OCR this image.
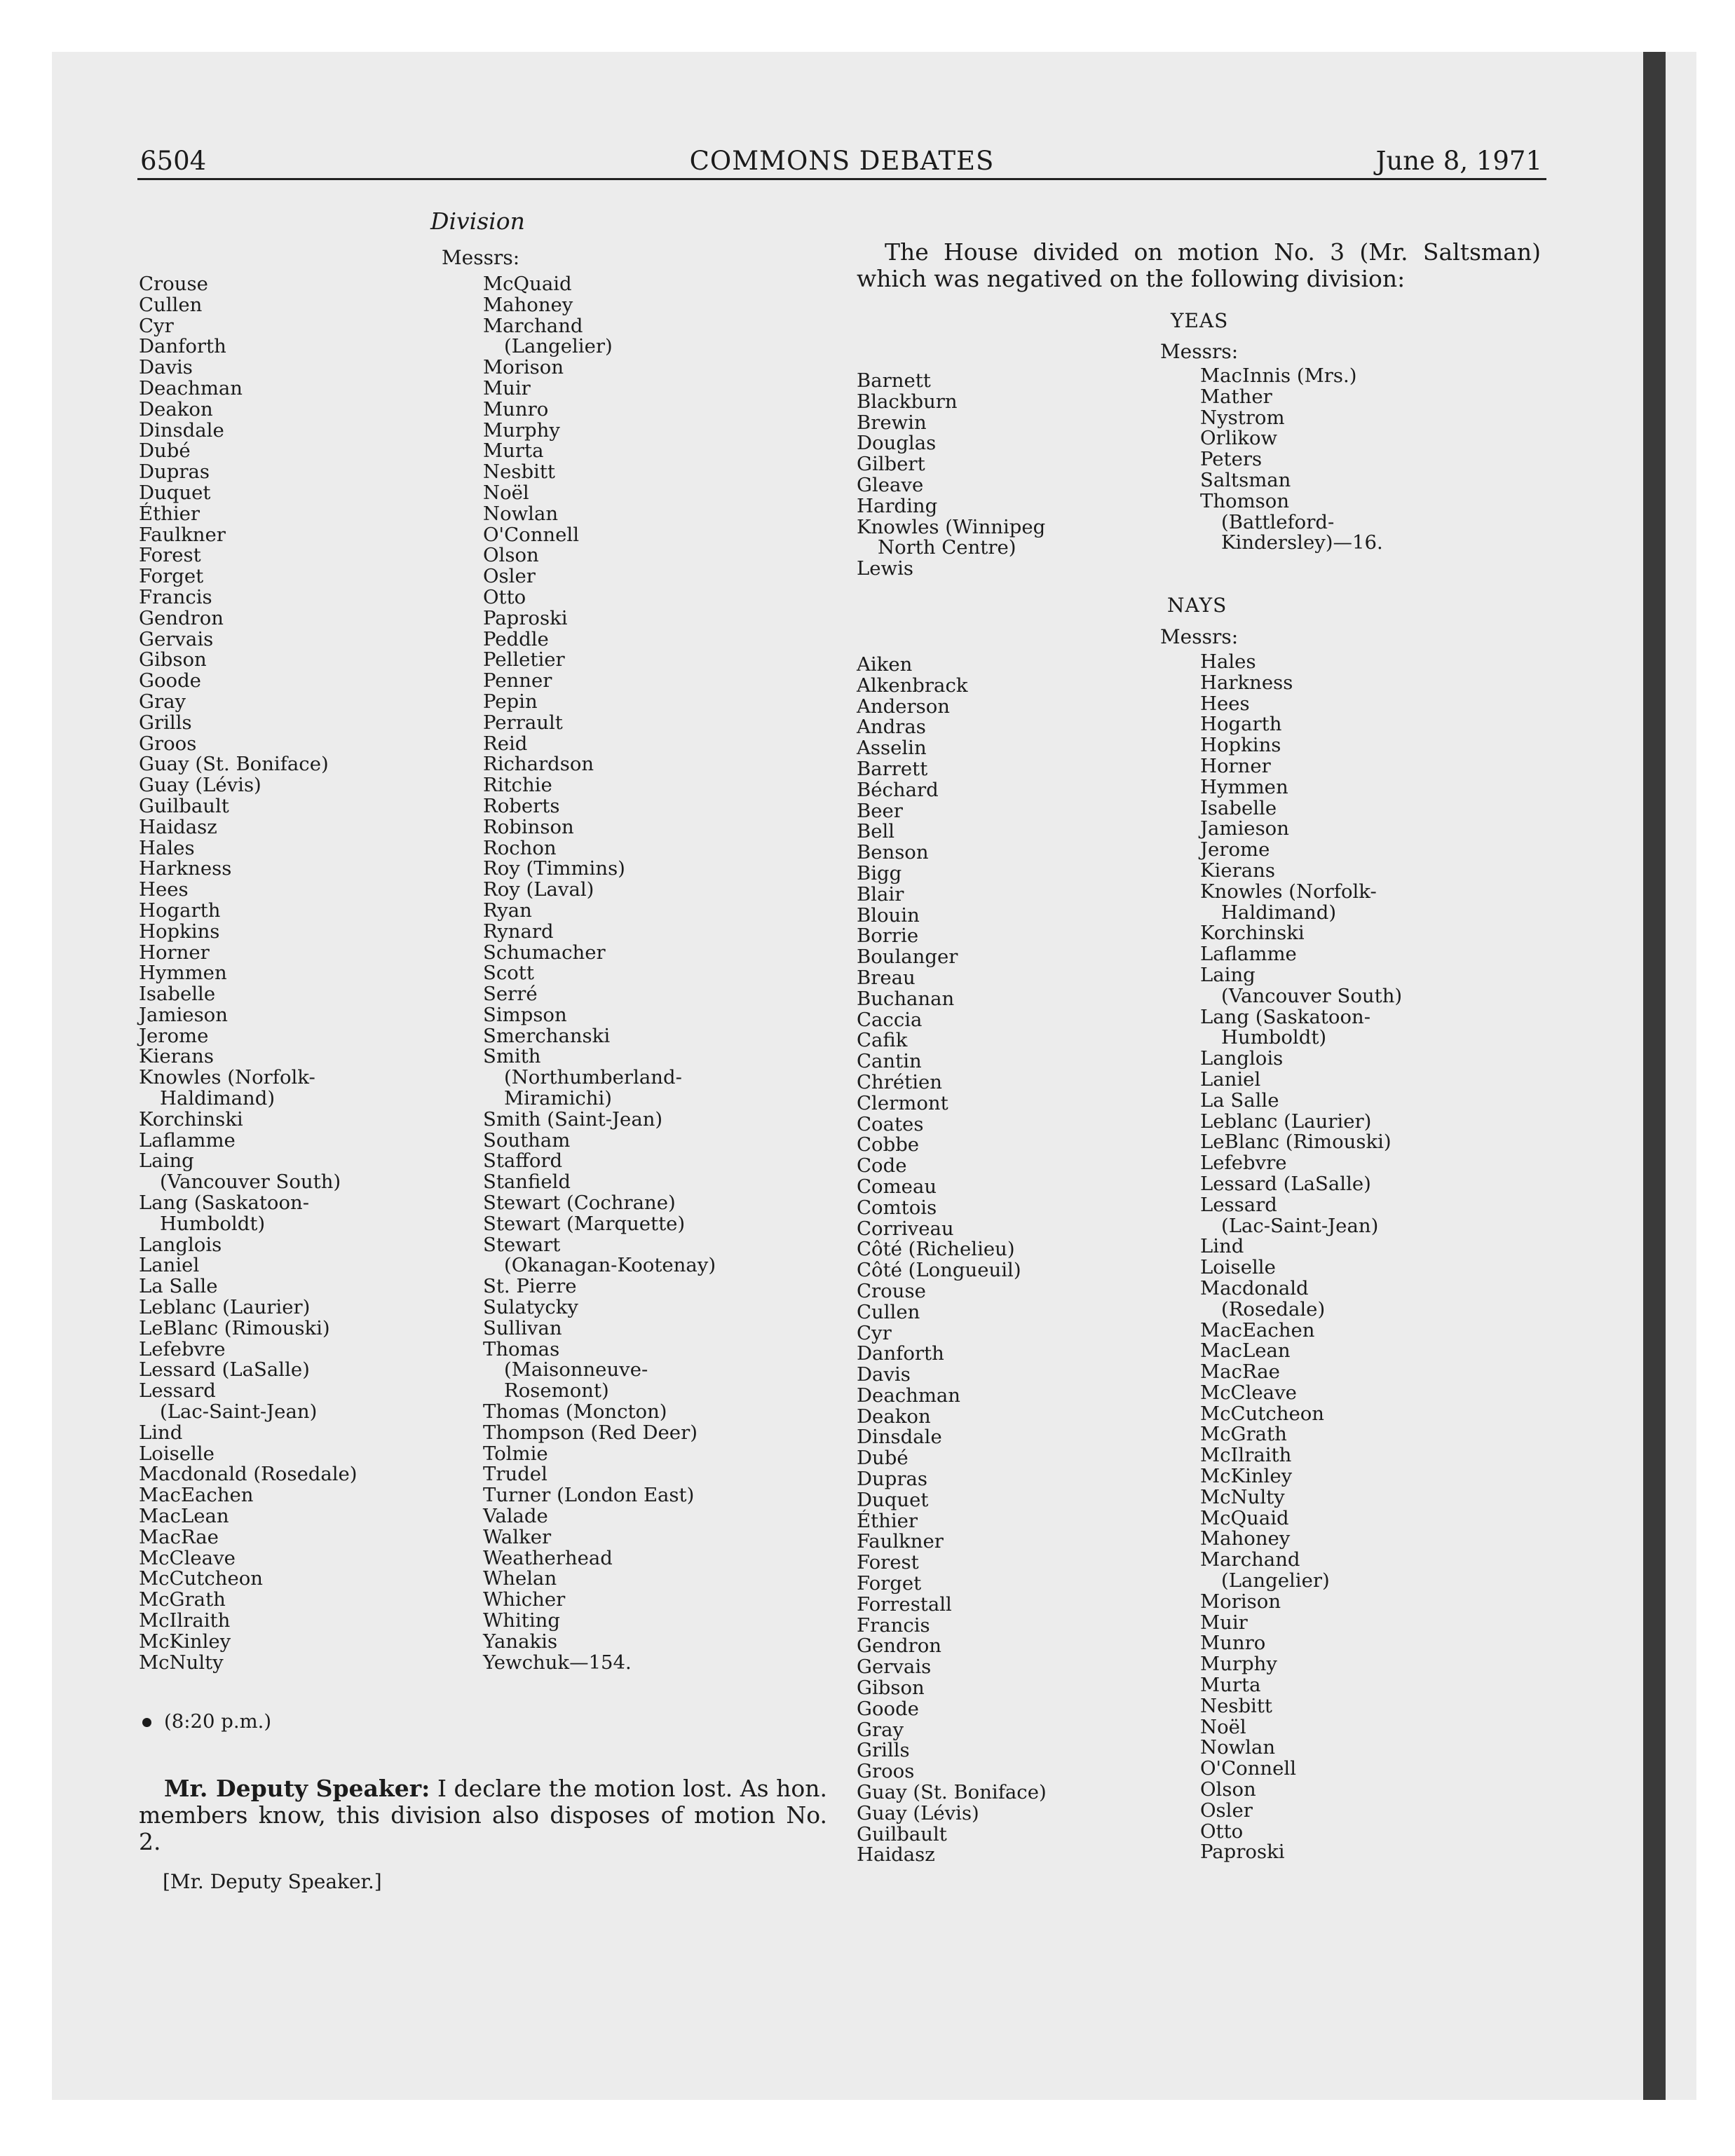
6504	COMMONS DEBATES	June 8, 1971
Division
Messrs:
Crouse
Cullen
Cyr
Danforth
Davis
Deachman
Deakon
Dinsdale
Dubé
Dupras
Duquet
Éthier
Faulkner
Forest
Forget
Francis
Gendron
Gervais
Gibson
Goode
Gray
Grills
Groos
Guay (St. Boniface)
Guay (Lévis)
Guilbault
Haidasz
Hales
Harkness
Hees
Hogarth
Hopkins
Horner
Hymmen
Isabelle
Jamieson
Jerome
Kierans
Knowles (Norfolk-
Haldimand)
Korchinski
Laflamme
Laing
(Vancouver South)
Lang (Saskatoon-
Humboldt)
Langlois
Laniel
La Salle
Leblanc (Laurier)
LeBlanc (Rimouski)
Lefebvre
Lessard (LaSalle)
Lessard
(Lac-Saint-Jean)
Lind
Loiselle
Macdonald (Rosedale)
MacEachen
MacLean
MacRae
McCleave
McCutcheon
McGrath
McIlraith
McKinley
McNulty
McQuaid
Mahoney
Marchand
(Langelier)
Morison
Muir
Munro
Murphy
Murta
Nesbitt
Noël
Nowlan
O'Connell
Olson
Osler
Otto
Paproski
Peddle
Pelletier
Penner
Pepin
Perrault
Reid
Richardson
Ritchie
Roberts
Robinson
Rochon
Roy (Timmins)
Roy (Laval)
Ryan
Rynard
Schumacher
Scott
Serré
Simpson
Smerchanski
Smith
(Northumberland-
Miramichi)
Smith (Saint-Jean)
Southam
Stafford
Stanfield
Stewart (Cochrane)
Stewart (Marquette)
Stewart
(Okanagan-Kootenay)
St. Pierre
Sulatycky
Sullivan
Thomas
(Maisonneuve-
Rosemont)
Thomas (Moncton)
Thompson (Red Deer)
Tolmie
Trudel
Turner (London East)
Valade
Walker
Weatherhead
Whelan
Whicher
Whiting
Yanakis
Yewchuk—154.
(8:20 p.m.)
Mr. Deputy Speaker: I declare the motion lost. As hon. members know, this division also disposes of motion No. 2.
[Mr. Deputy Speaker.]
The House divided on motion No. 3 (Mr. Saltsman) which was negatived on the following division:
YEAS
Messrs:
Barnett
Blackburn
Brewin
Douglas
Gilbert
Gleave
Harding
Knowles (Winnipeg
North Centre)
Lewis
MacInnis (Mrs.)
Mather
Nystrom
Orlikow
Peters
Saltsman
Thomson
(Battleford-
Kindersley)—16.
NAYS
Messrs:
Aiken
Alkenbrack
Anderson
Andras
Asselin
Barrett
Béchard
Beer
Bell
Benson
Bigg
Blair
Blouin
Borrie
Boulanger
Breau
Buchanan
Caccia
Cafik
Cantin
Chrétien
Clermont
Coates
Cobbe
Code
Comeau
Comtois
Corriveau
Côté (Richelieu)
Côté (Longueuil)
Crouse
Cullen
Cyr
Danforth
Davis
Deachman
Deakon
Dinsdale
Dubé
Dupras
Duquet
Éthier
Faulkner
Forest
Forget
Forrestall
Francis
Gendron
Gervais
Gibson
Goode
Gray
Grills
Groos
Guay (St. Boniface)
Guay (Lévis)
Guilbault
Haidasz
Hales
Harkness
Hees
Hogarth
Hopkins
Horner
Hymmen
Isabelle
Jamieson
Jerome
Kierans
Knowles (Norfolk-
Haldimand)
Korchinski
Laflamme
Laing
(Vancouver South)
Lang (Saskatoon-
Humboldt)
Langlois
Laniel
La Salle
Leblanc (Laurier)
LeBlanc (Rimouski)
Lefebvre
Lessard (LaSalle)
Lessard
(Lac-Saint-Jean)
Lind
Loiselle
Macdonald
(Rosedale)
MacEachen
MacLean
MacRae
McCleave
McCutcheon
McGrath
McIlraith
McKinley
McNulty
McQuaid
Mahoney
Marchand
(Langelier)
Morison
Muir
Munro
Murphy
Murta
Nesbitt
Noël
Nowlan
O'Connell
Olson
Osler
Otto
Paproski
